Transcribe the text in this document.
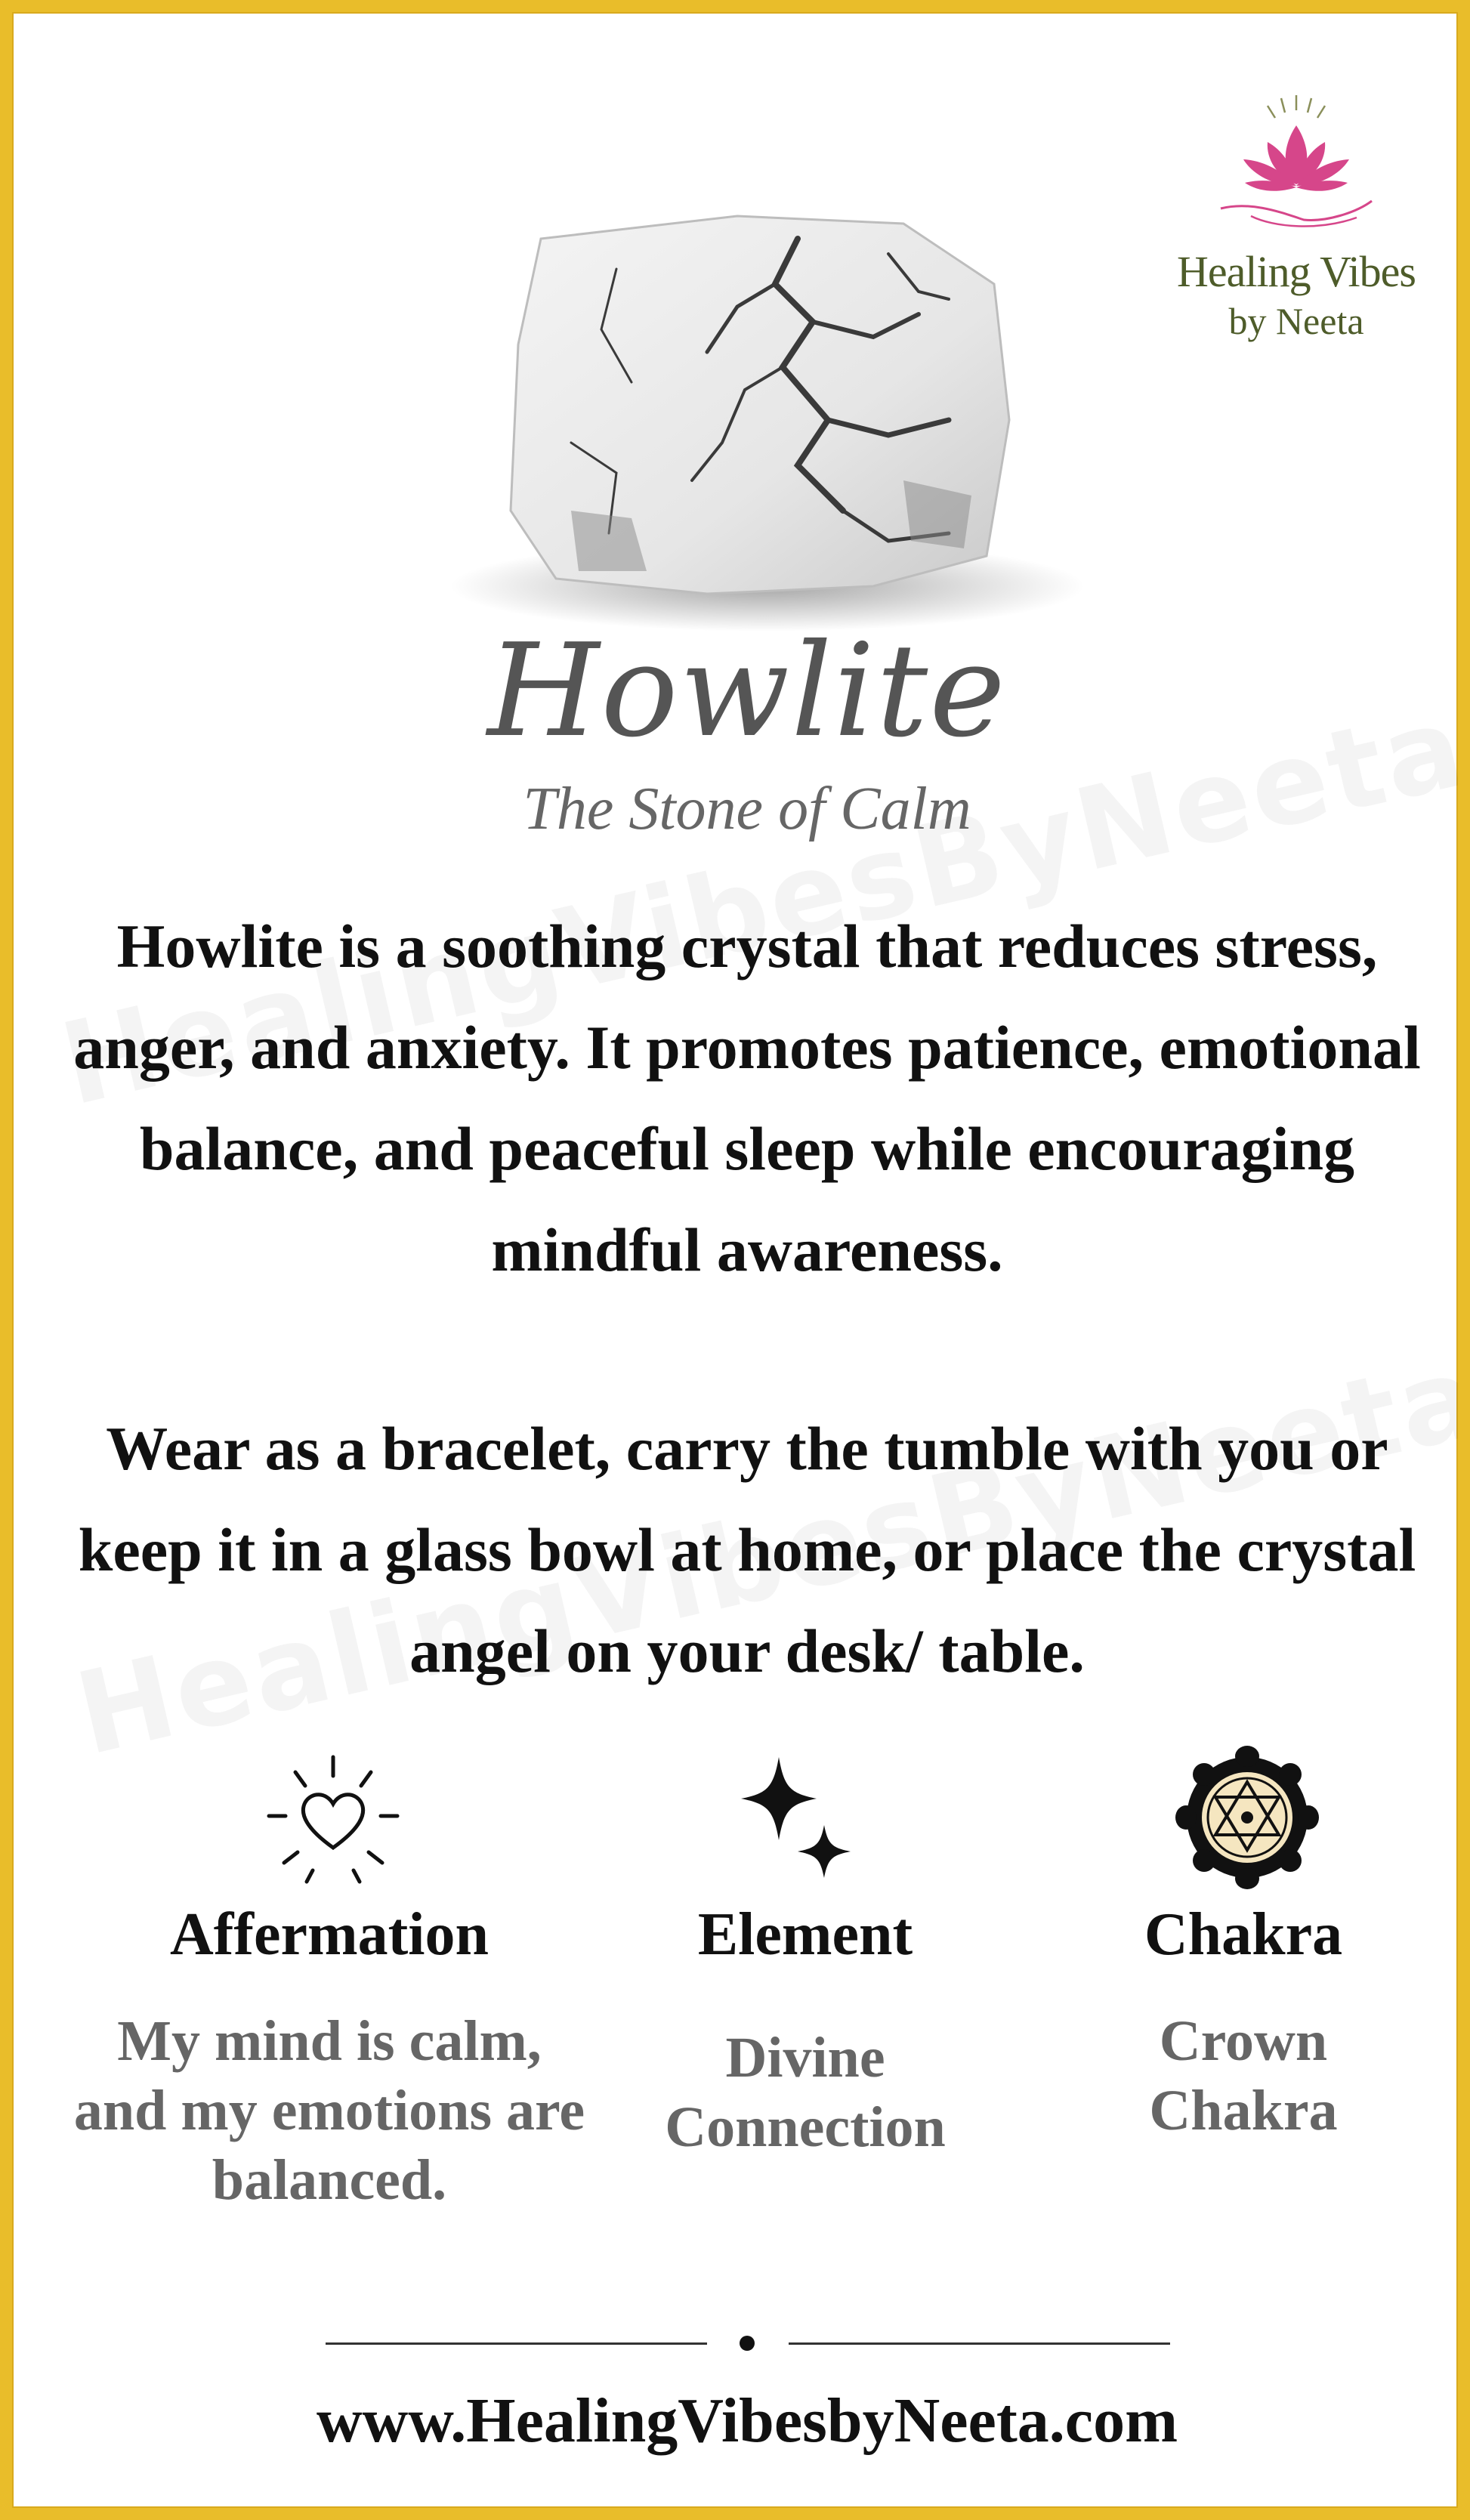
Healing Vibes
by Neeta
Howlite
The Stone of Calm
Howlite is a soothing crystal that reduces stress, anger, and anxiety. It promotes patience, emotional balance, and peaceful sleep while encouraging mindful awareness.
Wear as a bracelet, carry the tumble with you or keep it in a glass bowl at home, or place the crystal angel on your desk/ table.
Affermation
My mind is calm, and my emotions are balanced.
Element
Divine Connection
Chakra
Crown Chakra
www.HealingVibesbyNeeta.com
